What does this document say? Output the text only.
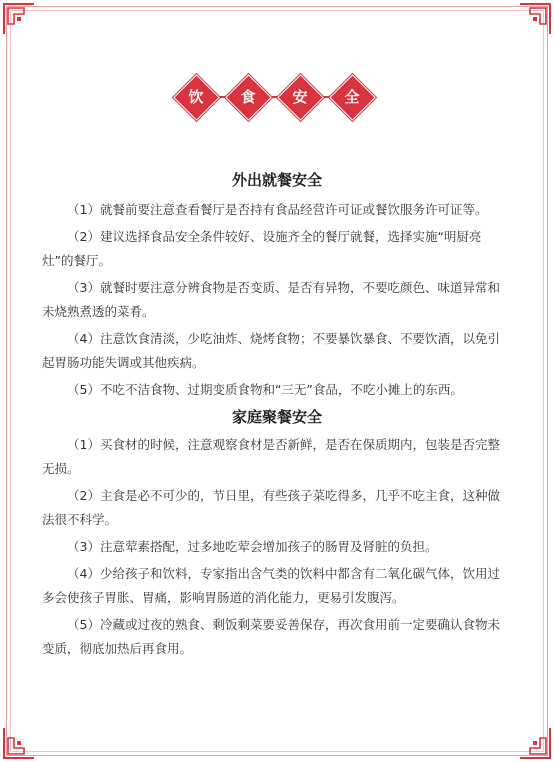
饮	食	安	全
外出就餐安全

（1）就餐前要注意查看餐厅是否持有食品经营许可证或餐饮服务许可证等。

（2）建议选择食品安全条件较好、设施齐全的餐厅就餐，选择实施“明厨亮灶”的餐厅。

（3）就餐时要注意分辨食物是否变质、是否有异物，不要吃颜色、味道异常和未烧熟煮透的菜肴。

（4）注意饮食清淡，少吃油炸、烧烤食物；不要暴饮暴食、不要饮酒，以免引起胃肠功能失调或其他疾病。

（5）不吃不洁食物、过期变质食物和“三无”食品，不吃小摊上的东西。

家庭聚餐安全

（1）买食材的时候，注意观察食材是否新鲜，是否在保质期内，包装是否完整无损。

（2）主食是必不可少的，节日里，有些孩子菜吃得多，几乎不吃主食，这种做法很不科学。

（3）注意荤素搭配，过多地吃荤会增加孩子的肠胃及肾脏的负担。

（4）少给孩子和饮料，专家指出含气类的饮料中都含有二氧化碳气体，饮用过多会使孩子胃胀、胃痛，影响胃肠道的消化能力，更易引发腹泻。

（5）冷藏或过夜的熟食、剩饭剩菜要妥善保存，再次食用前一定要确认食物未变质，彻底加热后再食用。
